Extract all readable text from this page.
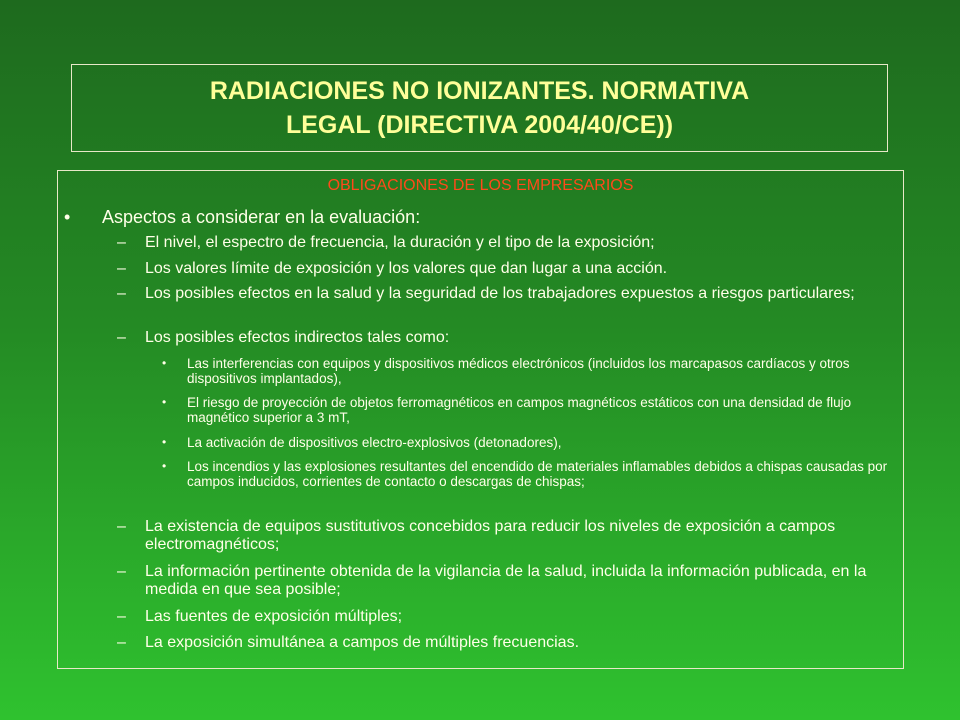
RADIACIONES NO IONIZANTES. NORMATIVA
LEGAL (DIRECTIVA 2004/40/CE))
OBLIGACIONES DE LOS EMPRESARIOS
• Aspectos a considerar en la evaluación:
– El nivel, el espectro de frecuencia, la duración y el tipo de la exposición;
– Los valores límite de exposición y los valores que dan lugar a una acción.
– Los posibles efectos en la salud y la seguridad de los trabajadores expuestos a riesgos particulares;
– Los posibles efectos indirectos tales como:
• Las interferencias con equipos y dispositivos médicos electrónicos (incluidos los marcapasos cardíacos y otros dispositivos implantados),
• El riesgo de proyección de objetos ferromagnéticos en campos magnéticos estáticos con una densidad de flujo magnético superior a 3 mT,
• La activación de dispositivos electro-explosivos (detonadores),
• Los incendios y las explosiones resultantes del encendido de materiales inflamables debidos a chispas causadas por campos inducidos, corrientes de contacto o descargas de chispas;
– La existencia de equipos sustitutivos concebidos para reducir los niveles de exposición a campos electromagnéticos;
– La información pertinente obtenida de la vigilancia de la salud, incluida la información publicada, en la medida en que sea posible;
– Las fuentes de exposición múltiples;
– La exposición simultánea a campos de múltiples frecuencias.
